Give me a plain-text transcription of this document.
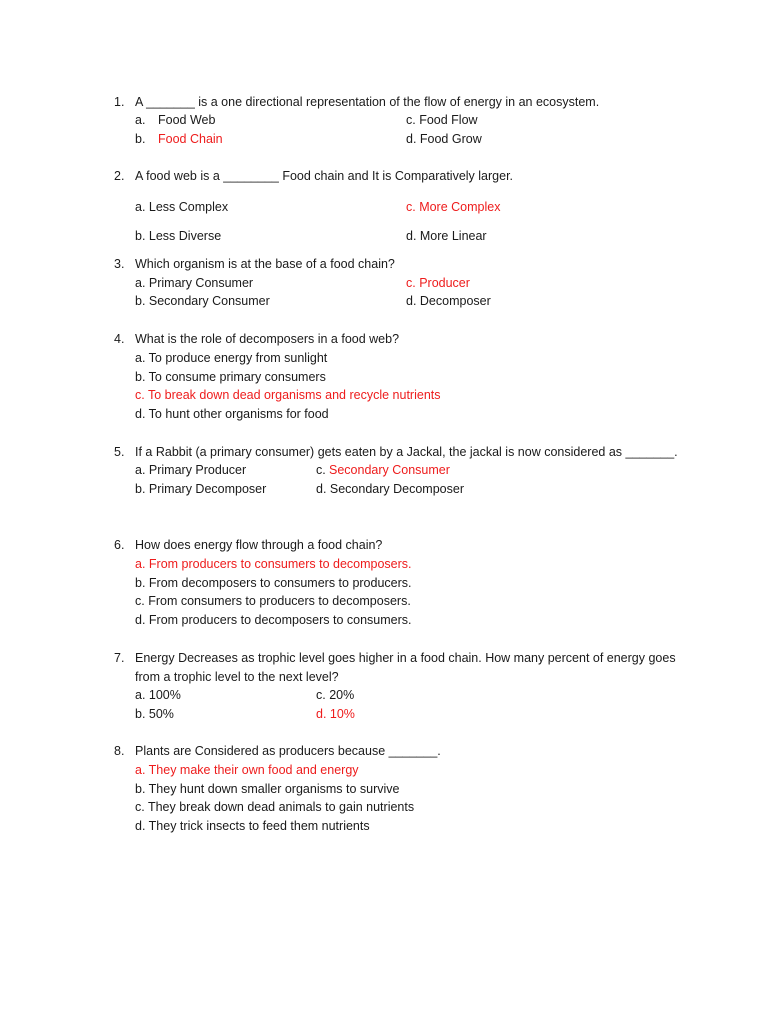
1. A _______ is a one directional representation of the flow of energy in an ecosystem.
a. Food Web	c. Food Flow
b. Food Chain	d. Food Grow
2. A food web is a ________ Food chain and It is Comparatively larger.
a. Less Complex	c. More Complex
b. Less Diverse	d. More Linear
3. Which organism is at the base of a food chain?
a. Primary Consumer	c. Producer
b. Secondary Consumer	d. Decomposer
4. What is the role of decomposers in a food web?
a. To produce energy from sunlight
b. To consume primary consumers
c. To break down dead organisms and recycle nutrients
d. To hunt other organisms for food
5. If a Rabbit (a primary consumer) gets eaten by a Jackal, the jackal is now considered as _______.
a. Primary Producer	c. Secondary Consumer
b. Primary Decomposer	d. Secondary Decomposer
6. How does energy flow through a food chain?
a. From producers to consumers to decomposers.
b. From decomposers to consumers to producers.
c. From consumers to producers to decomposers.
d. From producers to decomposers to consumers.
7. Energy Decreases as trophic level goes higher in a food chain. How many percent of energy goes
from a trophic level to the next level?
a. 100%	c. 20%
b. 50%	d. 10%
8. Plants are Considered as producers because _______.
a. They make their own food and energy
b. They hunt down smaller organisms to survive
c. They break down dead animals to gain nutrients
d. They trick insects to feed them nutrients
